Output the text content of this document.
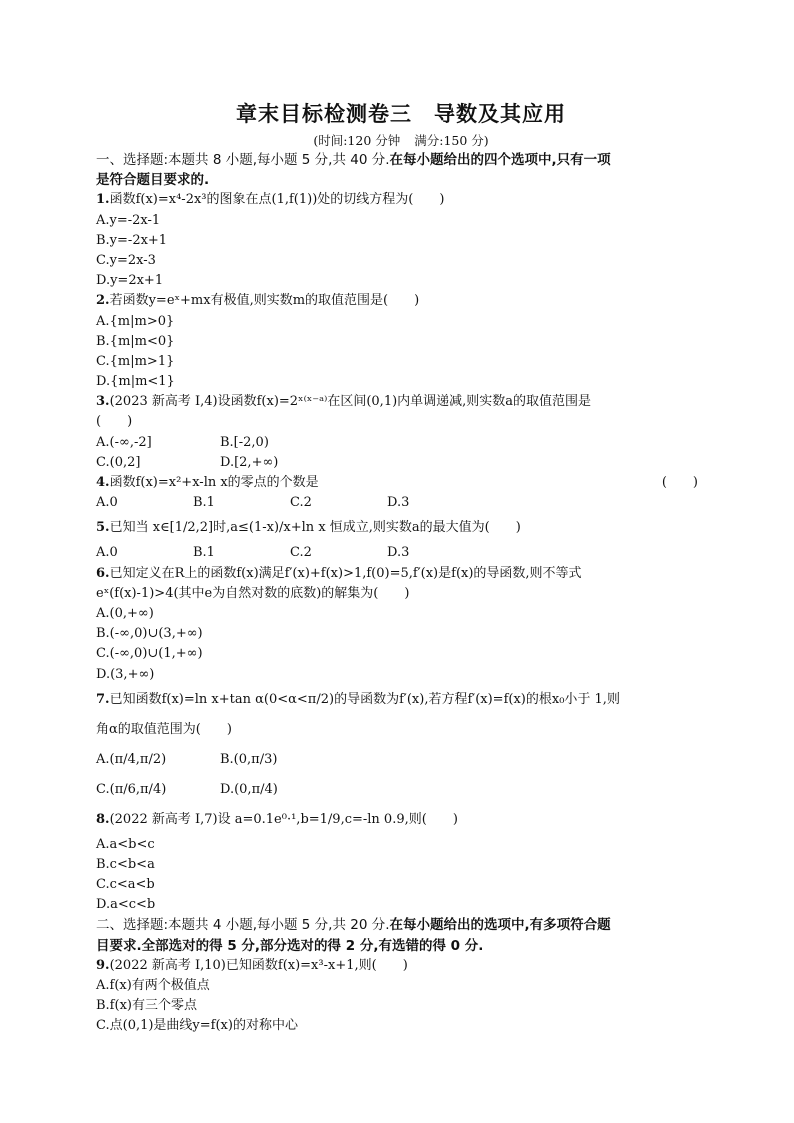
章末目标检测卷三 导数及其应用
(时间:120 分钟 满分:150 分)
一、选择题:本题共 8 小题,每小题 5 分,共 40 分.在每小题给出的四个选项中,只有一项
是符合题目要求的.
1.函数f(x)=x⁴-2x³的图象在点(1,f(1))处的切线方程为(　　)
A.y=-2x-1
B.y=-2x+1
C.y=2x-3
D.y=2x+1
2.若函数y=eˣ+mx有极值,则实数m的取值范围是(　　)
A.{m|m>0}
B.{m|m<0}
C.{m|m>1}
D.{m|m<1}
3.(2023 新高考 Ⅰ,4)设函数f(x)=2ˣ⁽ˣ⁻ᵃ⁾在区间(0,1)内单调递减,则实数a的取值范围是
(　　)
A.(-∞,-2]	B.[-2,0)
C.(0,2]	D.[2,+∞)
4.函数f(x)=x²+x-ln x的零点的个数是	(　　)
A.0	B.1	C.2	D.3
5.已知当 x∈[1/2,2]时,a≤(1-x)/x+ln x 恒成立,则实数a的最大值为(　　)
A.0	B.1	C.2	D.3
6.已知定义在R上的函数f(x)满足f′(x)+f(x)>1,f(0)=5,f′(x)是f(x)的导函数,则不等式
eˣ(f(x)-1)>4(其中e为自然对数的底数)的解集为(　　)
A.(0,+∞)
B.(-∞,0)∪(3,+∞)
C.(-∞,0)∪(1,+∞)
D.(3,+∞)
7.已知函数f(x)=ln x+tan α(0<α<π/2)的导函数为f′(x),若方程f′(x)=f(x)的根x₀小于 1,则
角α的取值范围为(　　)
A.(π/4,π/2)	B.(0,π/3)
C.(π/6,π/4)	D.(0,π/4)
8.(2022 新高考 Ⅰ,7)设 a=0.1e⁰·¹,b=1/9,c=-ln 0.9,则(　　)
A.a<b<c
B.c<b<a
C.c<a<b
D.a<c<b
二、选择题:本题共 4 小题,每小题 5 分,共 20 分.在每小题给出的选项中,有多项符合题
目要求.全部选对的得 5 分,部分选对的得 2 分,有选错的得 0 分.
9.(2022 新高考 Ⅰ,10)已知函数f(x)=x³-x+1,则(　　)
A.f(x)有两个极值点
B.f(x)有三个零点
C.点(0,1)是曲线y=f(x)的对称中心
